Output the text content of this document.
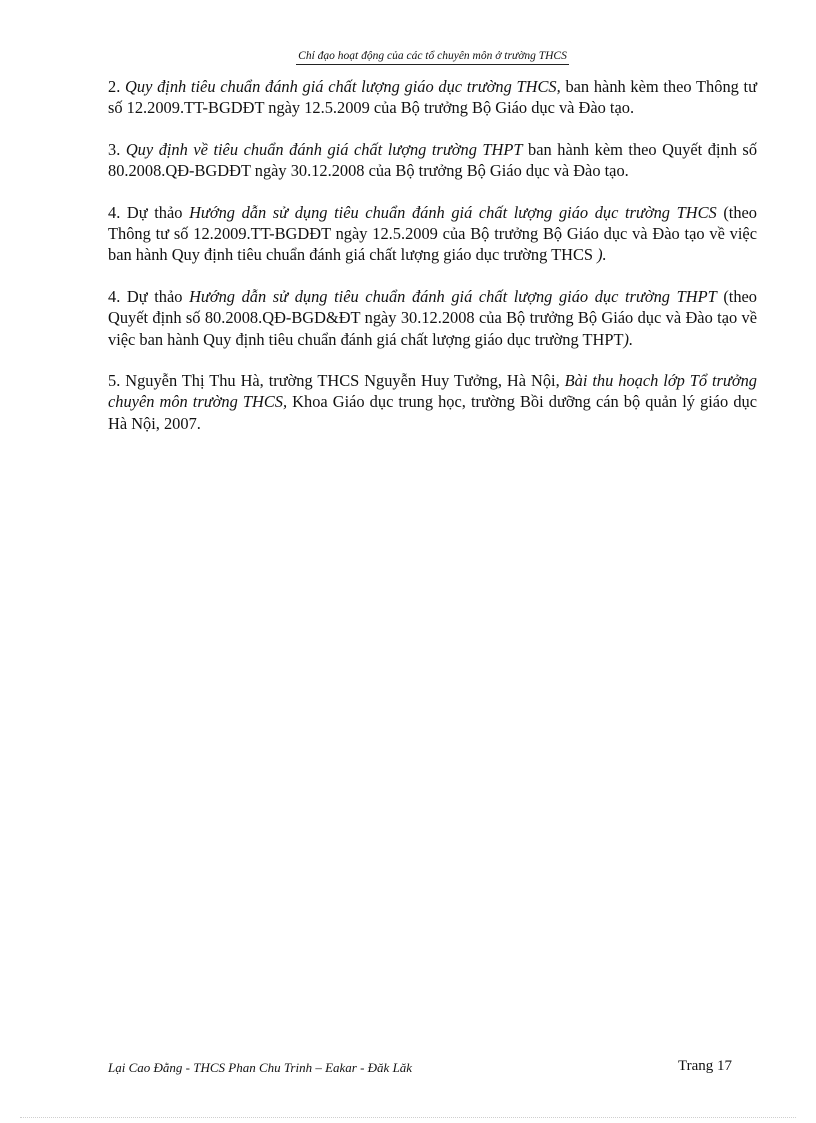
Chỉ đạo hoạt động của các tổ chuyên môn ở trường THCS

2. Quy định tiêu chuẩn đánh giá chất lượng giáo dục trường THCS, ban hành kèm theo Thông tư số 12.2009.TT-BGDĐT ngày 12.5.2009 của Bộ trưởng Bộ Giáo dục và Đào tạo.

3. Quy định về tiêu chuẩn đánh giá chất lượng trường THPT ban hành kèm theo Quyết định số 80.2008.QĐ-BGDĐT ngày 30.12.2008 của Bộ trưởng Bộ Giáo dục và Đào tạo.

4. Dự thảo Hướng dẫn sử dụng tiêu chuẩn đánh giá chất lượng giáo dục trường THCS (theo Thông tư số 12.2009.TT-BGDĐT ngày 12.5.2009 của Bộ trưởng Bộ Giáo dục và Đào tạo về việc ban hành Quy định tiêu chuẩn đánh giá chất lượng giáo dục trường THCS ).

4. Dự thảo Hướng dẫn sử dụng tiêu chuẩn đánh giá chất lượng giáo dục trường THPT (theo Quyết định số 80.2008.QĐ-BGD&ĐT ngày 30.12.2008 của Bộ trưởng Bộ Giáo dục và Đào tạo về việc ban hành Quy định tiêu chuẩn đánh giá chất lượng giáo dục trường THPT).

5. Nguyễn Thị Thu Hà, trường THCS Nguyễn Huy Tưởng, Hà Nội, Bài thu hoạch lớp Tổ trưởng chuyên môn trường THCS, Khoa Giáo dục trung học, trường Bồi dưỡng cán bộ quản lý giáo dục Hà Nội, 2007.

Lại Cao Đằng - THCS Phan Chu Trinh – Eakar - Đăk Lăk	Trang 17
